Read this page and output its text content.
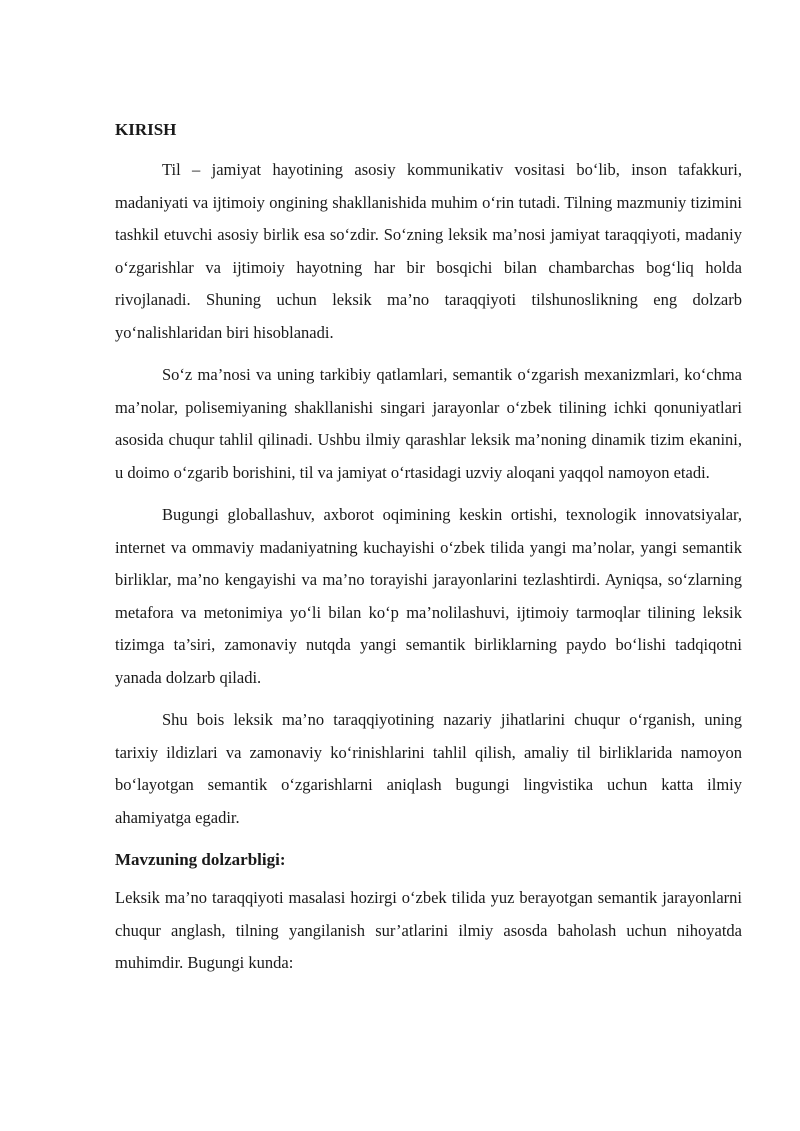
KIRISH

Til – jamiyat hayotining asosiy kommunikativ vositasi bo‘lib, inson tafakkuri, madaniyati va ijtimoiy ongining shakllanishida muhim o‘rin tutadi. Tilning mazmuniy tizimini tashkil etuvchi asosiy birlik esa so‘zdir. So‘zning leksik ma’nosi jamiyat taraqqiyoti, madaniy o‘zgarishlar va ijtimoiy hayotning har bir bosqichi bilan chambarchas bog‘liq holda rivojlanadi. Shuning uchun leksik ma’no taraqqiyoti tilshunoslikning eng dolzarb yo‘nalishlaridan biri hisoblanadi.

So‘z ma’nosi va uning tarkibiy qatlamlari, semantik o‘zgarish mexanizmlari, ko‘chma ma’nolar, polisemiyaning shakllanishi singari jarayonlar o‘zbek tilining ichki qonuniyatlari asosida chuqur tahlil qilinadi. Ushbu ilmiy qarashlar leksik ma’noning dinamik tizim ekanini, u doimo o‘zgarib borishini, til va jamiyat o‘rtasidagi uzviy aloqani yaqqol namoyon etadi.

Bugungi globallashuv, axborot oqimining keskin ortishi, texnologik innovatsiyalar, internet va ommaviy madaniyatning kuchayishi o‘zbek tilida yangi ma’nolar, yangi semantik birliklar, ma’no kengayishi va ma’no torayishi jarayonlarini tezlashtirdi. Ayniqsa, so‘zlarning metafora va metonimiya yo‘li bilan ko‘p ma’nolilashuvi, ijtimoiy tarmoqlar tilining leksik tizimga ta’siri, zamonaviy nutqda yangi semantik birliklarning paydo bo‘lishi tadqiqotni yanada dolzarb qiladi.

Shu bois leksik ma’no taraqqiyotining nazariy jihatlarini chuqur o‘rganish, uning tarixiy ildizlari va zamonaviy ko‘rinishlarini tahlil qilish, amaliy til birliklarida namoyon bo‘layotgan semantik o‘zgarishlarni aniqlash bugungi lingvistika uchun katta ilmiy ahamiyatga egadir.

Mavzuning dolzarbligi:

Leksik ma’no taraqqiyoti masalasi hozirgi o‘zbek tilida yuz berayotgan semantik jarayonlarni chuqur anglash, tilning yangilanish sur’atlarini ilmiy asosda baholash uchun nihoyatda muhimdir. Bugungi kunda:
